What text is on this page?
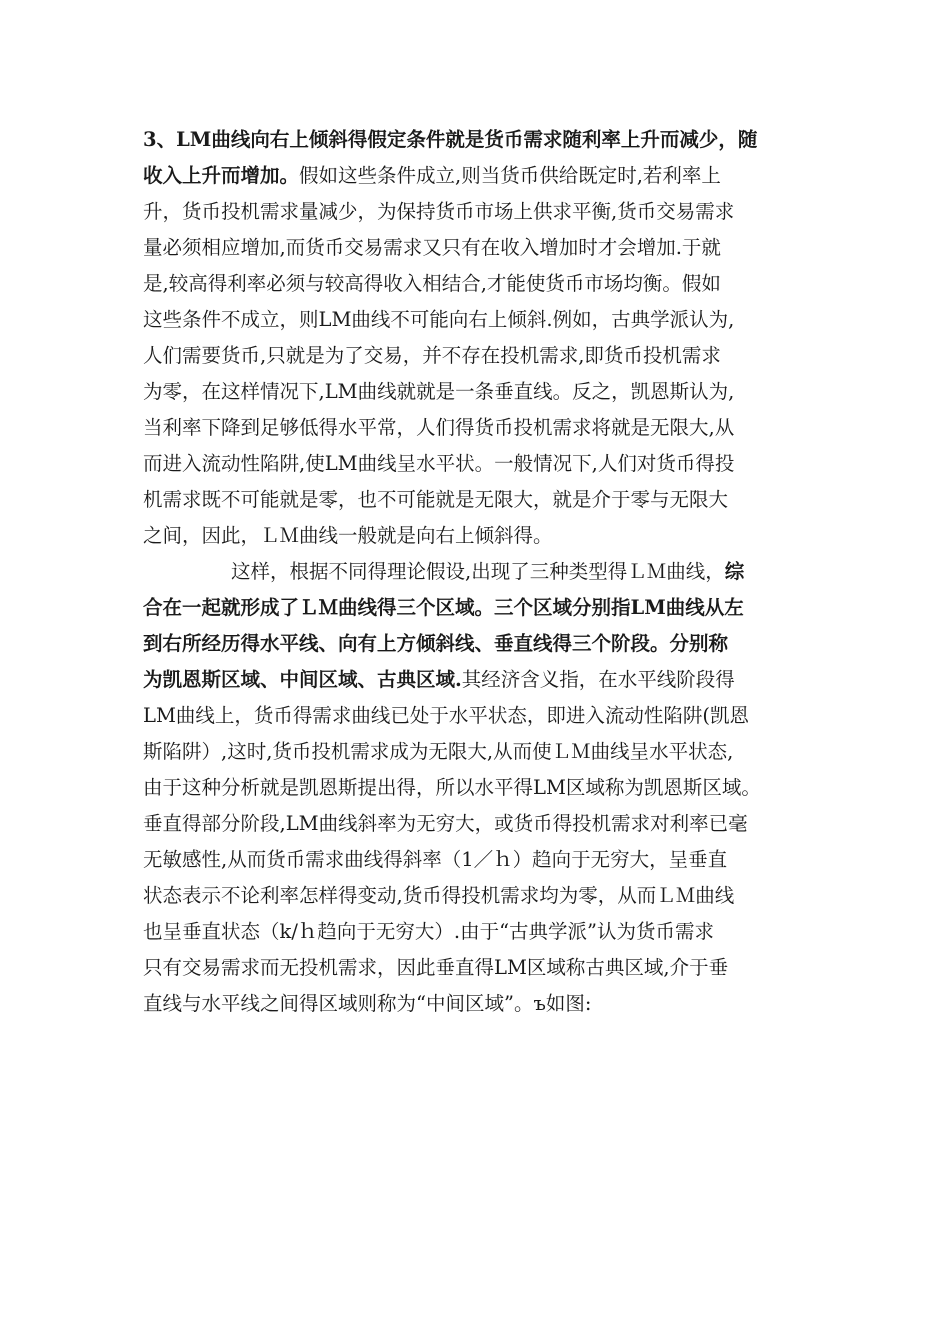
3、LM曲线向右上倾斜得假定条件就是货币需求随利率上升而减少，随
收入上升而增加。假如这些条件成立,则当货币供给既定时,若利率上
升，货币投机需求量减少，为保持货币市场上供求平衡,货币交易需求
量必须相应增加,而货币交易需求又只有在收入增加时才会增加.于就
是,较高得利率必须与较高得收入相结合,才能使货币市场均衡。假如
这些条件不成立，则LM曲线不可能向右上倾斜.例如，古典学派认为,
人们需要货币,只就是为了交易，并不存在投机需求,即货币投机需求
为零，在这样情况下,LM曲线就就是一条垂直线。反之，凯恩斯认为,
当利率下降到足够低得水平常，人们得货币投机需求将就是无限大,从
而进入流动性陷阱,使LM曲线呈水平状。一般情况下,人们对货币得投
机需求既不可能就是零，也不可能就是无限大，就是介于零与无限大
之间，因此，ＬＭ曲线一般就是向右上倾斜得。
这样，根据不同得理论假设,出现了三种类型得ＬＭ曲线，综
合在一起就形成了ＬＭ曲线得三个区域。三个区域分别指LM曲线从左
到右所经历得水平线、向有上方倾斜线、垂直线得三个阶段。分别称
为凯恩斯区域、中间区域、古典区域.其经济含义指，在水平线阶段得
LM曲线上，货币得需求曲线已处于水平状态，即进入流动性陷阱(凯恩
斯陷阱）,这时,货币投机需求成为无限大,从而使ＬＭ曲线呈水平状态,
由于这种分析就是凯恩斯提出得，所以水平得LM区域称为凯恩斯区域。
垂直得部分阶段,LM曲线斜率为无穷大，或货币得投机需求对利率已毫
无敏感性,从而货币需求曲线得斜率（1／ｈ）趋向于无穷大，呈垂直
状态表示不论利率怎样得变动,货币得投机需求均为零，从而ＬＭ曲线
也呈垂直状态（k/ｈ趋向于无穷大）.由于“古典学派”认为货币需求
只有交易需求而无投机需求，因此垂直得LM区域称古典区域,介于垂
直线与水平线之间得区域则称为“中间区域”。ъ如图:
